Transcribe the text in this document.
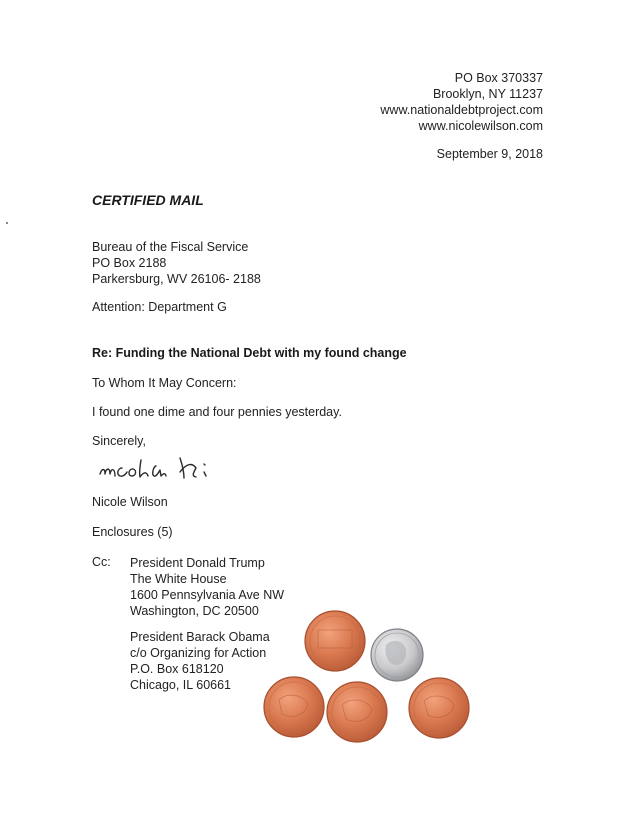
PO Box 370337
Brooklyn, NY 11237
www.nationaldebtproject.com
www.nicolewilson.com
September 9, 2018
CERTIFIED MAIL
Bureau of the Fiscal Service
PO Box 2188
Parkersburg, WV 26106- 2188
Attention: Department G
Re: Funding the National Debt with my found change
To Whom It May Concern:
I found one dime and four pennies yesterday.
Sincerely,
Nicole Wilson
Enclosures (5)
Cc: President Donald Trump
The White House
1600 Pennsylvania Ave NW
Washington, DC 20500
President Barack Obama
c/o Organizing for Action
P.O. Box 618120
Chicago, IL 60661
